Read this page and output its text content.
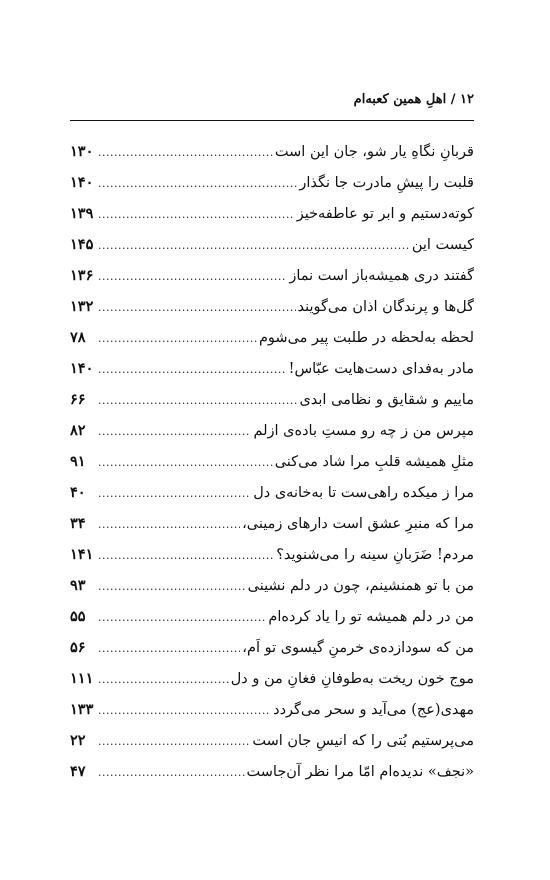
۱۲ / اهلِ همین کعبه‌ام
قربانِ نگاهِ یار شو، جان این است
.....
۱۳۰
قلبت را پیشِ مادرت جا نگذار
.....
۱۴۰
کوته‌دستیم و ابر تو عاطفه‌خیز
.....
۱۳۹
کیست این
.....
۱۴۵
گفتند دری همیشه‌باز است نماز
.....
۱۳۶
گل‌ها و پرندگان اذان می‌گویند
.....
۱۳۲
لحظه به‌لحظه در طلبت پیر می‌شوم
.....
۷۸
مادر به‌فدای دست‌هایت عبّاس!
.....
۱۴۰
ماییم و شقایق و نظامی ابدی
.....
۶۶
مپرس من ز چه رو مستِ باده‌ی ازلم
.....
۸۲
مثلِ همیشه قلبِ مرا شاد می‌کنی
.....
۹۱
مرا ز میکده راهی‌ست تا به‌خانه‌ی دل
.....
۴۰
مرا که منبرِ عشق است دارهای زمینی،
.....
۳۴
مردم! ضَرَبانِ سینه را می‌شنوید؟
.....
۱۴۱
من با تو همنشینم، چون در دلم نشینی
.....
۹۳
من در دلم همیشه تو را یاد کرده‌ام
.....
۵۵
من که سودازده‌ی خرمنِ گیسوی تو اَم،
.....
۵۶
موج خون ریخت به‌طوفانِ فغانِ من و دل
.....
۱۱۱
مهدی(عج) می‌آید و سحر می‌گردد
.....
۱۳۳
می‌پرستیم بُتی را که انیسِ جان است
.....
۲۲
«نجف» ندیده‌ام امّا مرا نظر آن‌جاست
.....
۴۷
